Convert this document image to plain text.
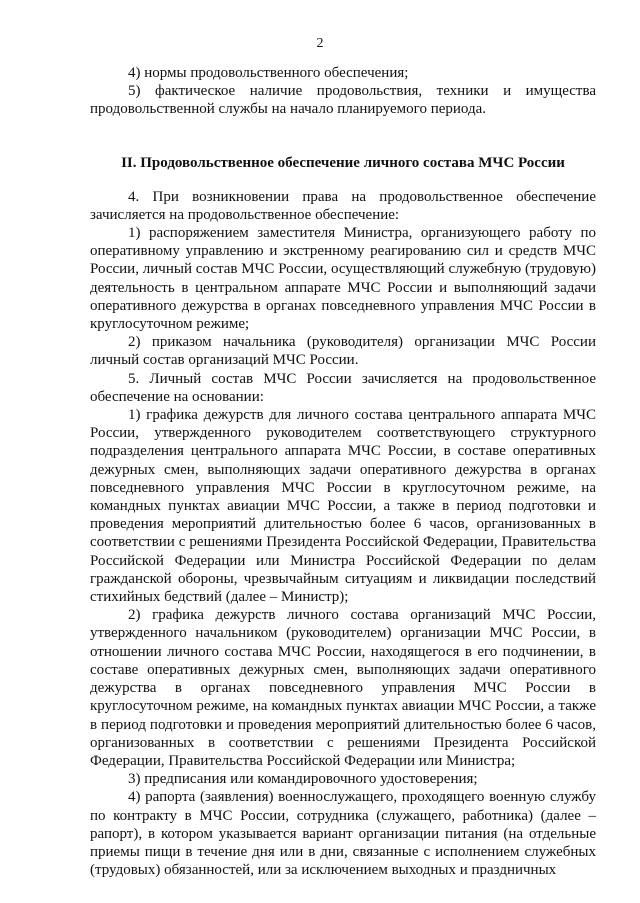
2

4) нормы продовольственного обеспечения;

5) фактическое наличие продовольствия, техники и имущества продовольственной службы на начало планируемого периода.

II. Продовольственное обеспечение личного состава МЧС России

4. При возникновении права на продовольственное обеспечение зачисляется на продовольственное обеспечение:

1) распоряжением заместителя Министра, организующего работу по оперативному управлению и экстренному реагированию сил и средств МЧС России, личный состав МЧС России, осуществляющий служебную (трудовую) деятельность в центральном аппарате МЧС России и выполняющий задачи оперативного дежурства в органах повседневного управления МЧС России в круглосуточном режиме;

2) приказом начальника (руководителя) организации МЧС России личный состав организаций МЧС России.

5. Личный состав МЧС России зачисляется на продовольственное обеспечение на основании:

1) графика дежурств для личного состава центрального аппарата МЧС России, утвержденного руководителем соответствующего структурного подразделения центрального аппарата МЧС России, в составе оперативных дежурных смен, выполняющих задачи оперативного дежурства в органах повседневного управления МЧС России в круглосуточном режиме, на командных пунктах авиации МЧС России, а также в период подготовки и проведения мероприятий длительностью более 6 часов, организованных в соответствии с решениями Президента Российской Федерации, Правительства Российской Федерации или Министра Российской Федерации по делам гражданской обороны, чрезвычайным ситуациям и ликвидации последствий стихийных бедствий (далее – Министр);

2) графика дежурств личного состава организаций МЧС России, утвержденного начальником (руководителем) организации МЧС России, в отношении личного состава МЧС России, находящегося в его подчинении, в составе оперативных дежурных смен, выполняющих задачи оперативного дежурства в органах повседневного управления МЧС России в круглосуточном режиме, на командных пунктах авиации МЧС России, а также в период подготовки и проведения мероприятий длительностью более 6 часов, организованных в соответствии с решениями Президента Российской Федерации, Правительства Российской Федерации или Министра;

3) предписания или командировочного удостоверения;

4) рапорта (заявления) военнослужащего, проходящего военную службу по контракту в МЧС России, сотрудника (служащего, работника) (далее – рапорт), в котором указывается вариант организации питания (на отдельные приемы пищи в течение дня или в дни, связанные с исполнением служебных (трудовых) обязанностей, или за исключением выходных и праздничных
